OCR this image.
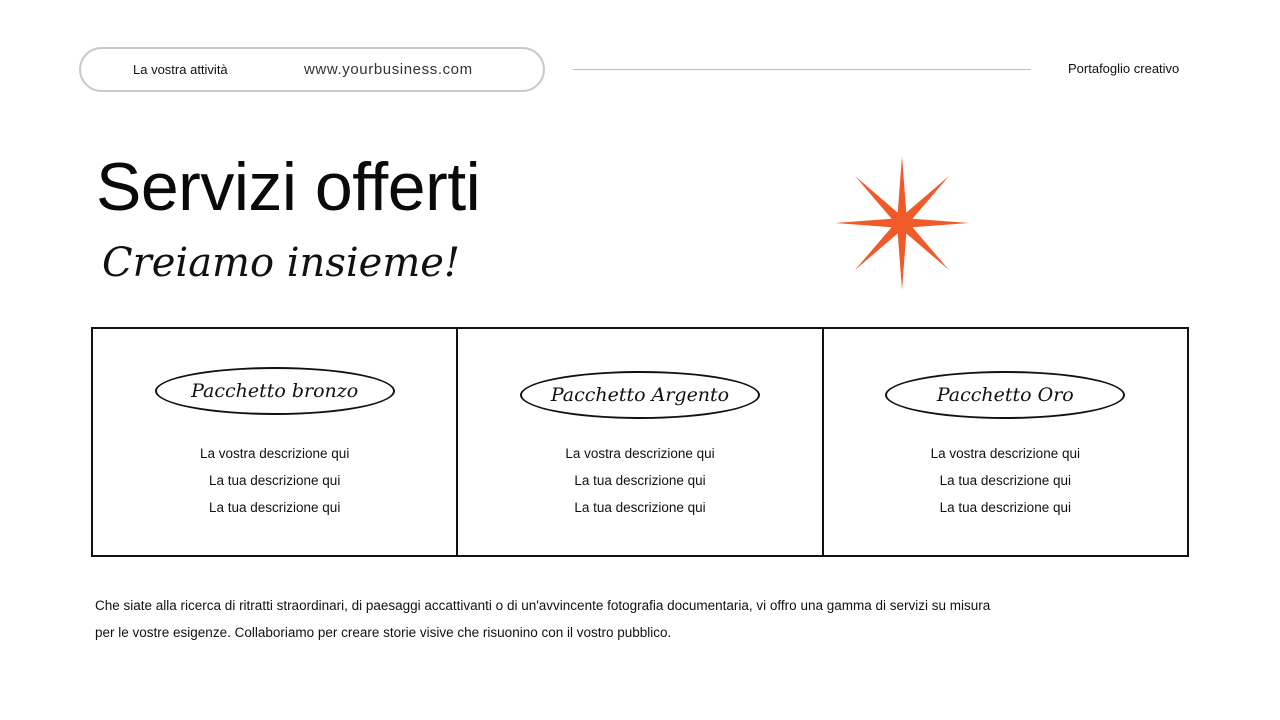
La vostra attività	www.yourbusiness.com	Portafoglio creativo
Servizi offerti
Creiamo insieme!
Pacchetto bronzo
La vostra descrizione qui
La tua descrizione qui
La tua descrizione qui
Pacchetto Argento
La vostra descrizione qui
La tua descrizione qui
La tua descrizione qui
Pacchetto Oro
La vostra descrizione qui
La tua descrizione qui
La tua descrizione qui
Che siate alla ricerca di ritratti straordinari, di paesaggi accattivanti o di un'avvincente fotografia documentaria, vi offro una gamma di servizi su misura
per le vostre esigenze. Collaboriamo per creare storie visive che risuonino con il vostro pubblico.
